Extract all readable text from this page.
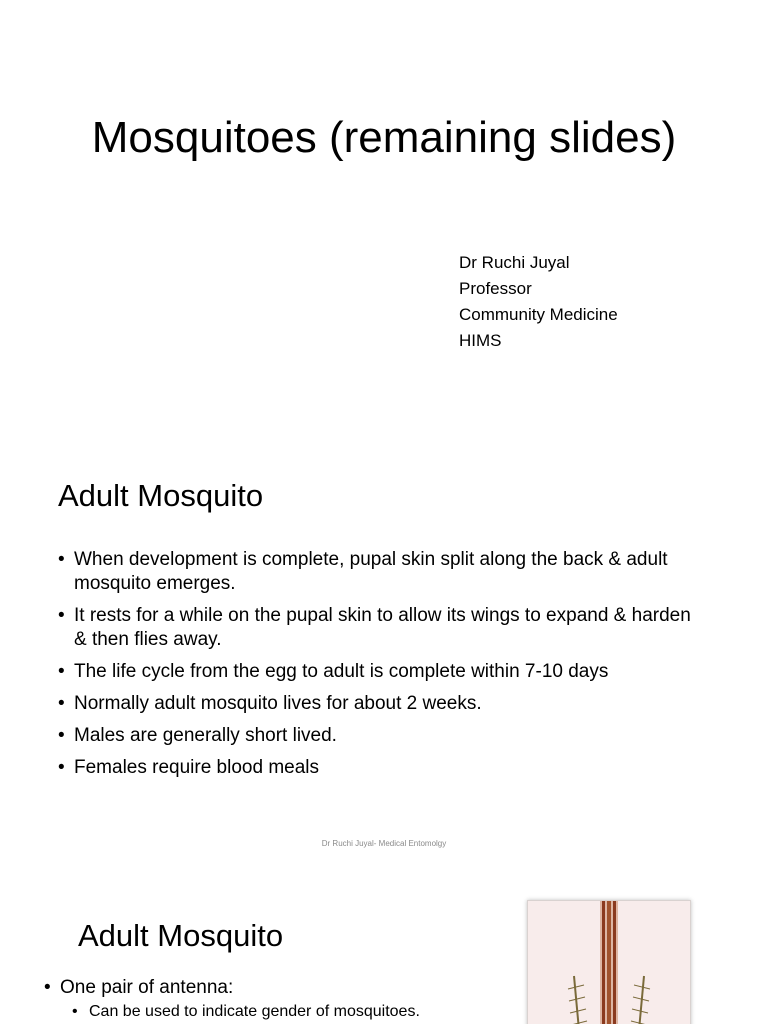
Mosquitoes (remaining slides)
Dr Ruchi Juyal
Professor
Community Medicine
HIMS
Adult Mosquito
• When development is complete, pupal skin split along the back & adult mosquito emerges.
• It rests for a while on the pupal skin to allow its wings to expand & harden & then flies away.
• The life cycle from the egg to adult is complete within 7-10 days
• Normally adult mosquito lives for about 2 weeks.
• Males are generally short lived.
• Females require blood meals
Dr Ruchi Juyal- Medical Entomolgy
Adult Mosquito
• One pair of antenna:
• Can be used to indicate gender of mosquitoes.
